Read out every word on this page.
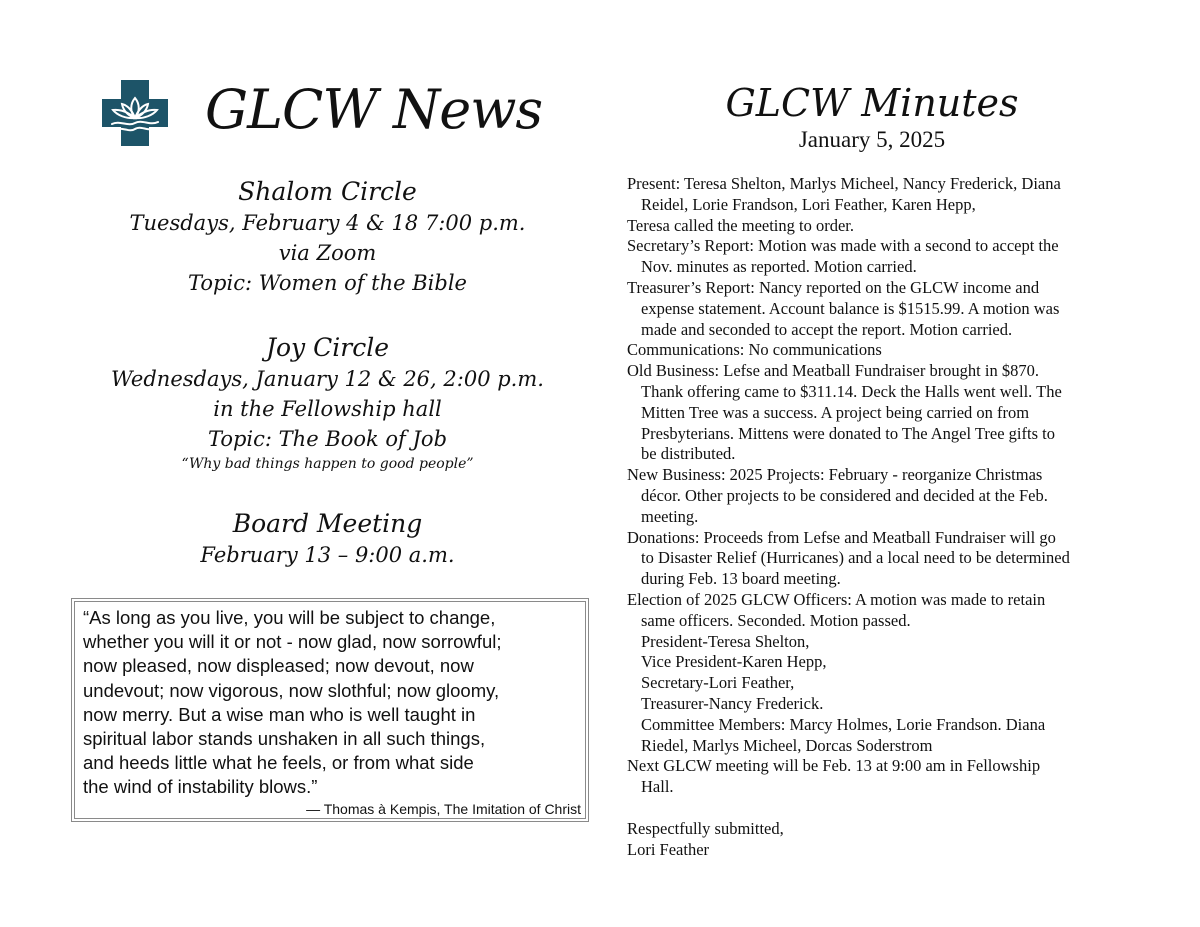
GLCW News
Shalom Circle
Tuesdays, February 4 & 18 7:00 p.m.
via Zoom
Topic: Women of the Bible
Joy Circle
Wednesdays, January 12 & 26, 2:00 p.m.
in the Fellowship hall
Topic: The Book of Job
“Why bad things happen to good people”
Board Meeting
February 13 – 9:00 a.m.

“As long as you live, you will be subject to change,
whether you will it or not - now glad, now sorrowful;
now pleased, now displeased; now devout, now
undevout; now vigorous, now slothful; now gloomy,
now merry. But a wise man who is well taught in
spiritual labor stands unshaken in all such things,
and heeds little what he feels, or from what side
the wind of instability blows.”

— Thomas à Kempis, The Imitation of Christ
GLCW Minutes
January 5, 2025
Present: Teresa Shelton, Marlys Micheel, Nancy Frederick, Diana
Reidel, Lorie Frandson, Lori Feather, Karen Hepp,
Teresa called the meeting to order.
Secretary’s Report: Motion was made with a second to accept the
Nov. minutes as reported. Motion carried.
Treasurer’s Report: Nancy reported on the GLCW income and
expense statement. Account balance is $1515.99. A motion was
made and seconded to accept the report. Motion carried.
Communications: No communications
Old Business: Lefse and Meatball Fundraiser brought in $870.
Thank offering came to $311.14. Deck the Halls went well. The
Mitten Tree was a success. A project being carried on from
Presbyterians. Mittens were donated to The Angel Tree gifts to
be distributed.
New Business: 2025 Projects: February - reorganize Christmas
décor. Other projects to be considered and decided at the Feb.
meeting.
Donations: Proceeds from Lefse and Meatball Fundraiser will go
to Disaster Relief (Hurricanes) and a local need to be determined
during Feb. 13 board meeting.
Election of 2025 GLCW Officers: A motion was made to retain
same officers. Seconded. Motion passed.
President-Teresa Shelton,
Vice President-Karen Hepp,
Secretary-Lori Feather,
Treasurer-Nancy Frederick.
Committee Members: Marcy Holmes, Lorie Frandson. Diana
Riedel, Marlys Micheel, Dorcas Soderstrom
Next GLCW meeting will be Feb. 13 at 9:00 am in Fellowship
Hall.
Respectfully submitted,
Lori Feather
